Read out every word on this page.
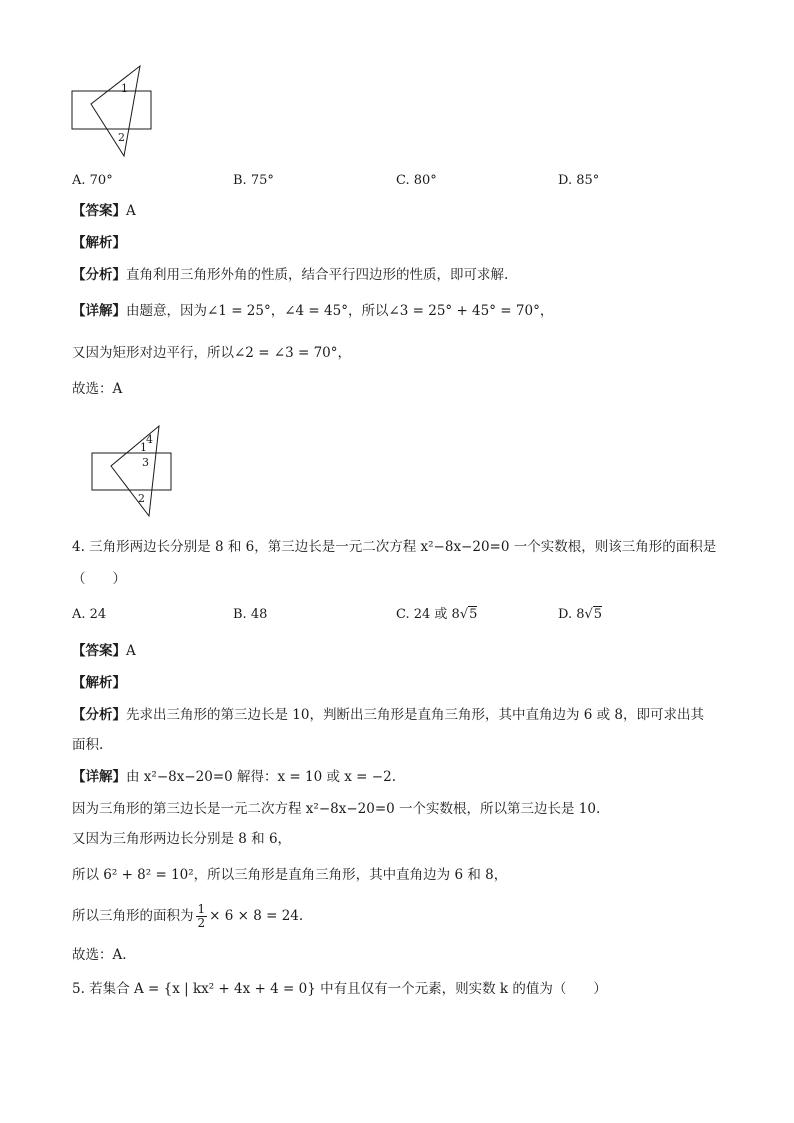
1
2
A. 70°	B. 75°	C. 80°	D. 85°
【答案】A
【解析】
【分析】直角利用三角形外角的性质，结合平行四边形的性质，即可求解.
【详解】由题意，因为∠1 = 25°，∠4 = 45°，所以∠3 = 25° + 45° = 70°，
又因为矩形对边平行，所以∠2 = ∠3 = 70°，
故选：A
4
1
3
2
4. 三角形两边长分别是 8 和 6，第三边长是一元二次方程 x²−8x−20=0 一个实数根，则该三角形的面积是
（　　）
A. 24	B. 48	C. 24 或 8√5	D. 8√5
【答案】A
【解析】
【分析】先求出三角形的第三边长是 10，判断出三角形是直角三角形，其中直角边为 6 或 8，即可求出其
面积.
【详解】由 x²−8x−20=0 解得：x = 10 或 x = −2.
因为三角形的第三边长是一元二次方程 x²−8x−20=0 一个实数根，所以第三边长是 10.
又因为三角形两边长分别是 8 和 6，
所以 6² + 8² = 10²，所以三角形是直角三角形，其中直角边为 6 和 8，
所以三角形的面积为 $\frac{1}{2} \times 6 \times 8 = 24$.
故选：A.
5. 若集合 A = {x | kx² + 4x + 4 = 0} 中有且仅有一个元素，则实数 k 的值为（　　）
